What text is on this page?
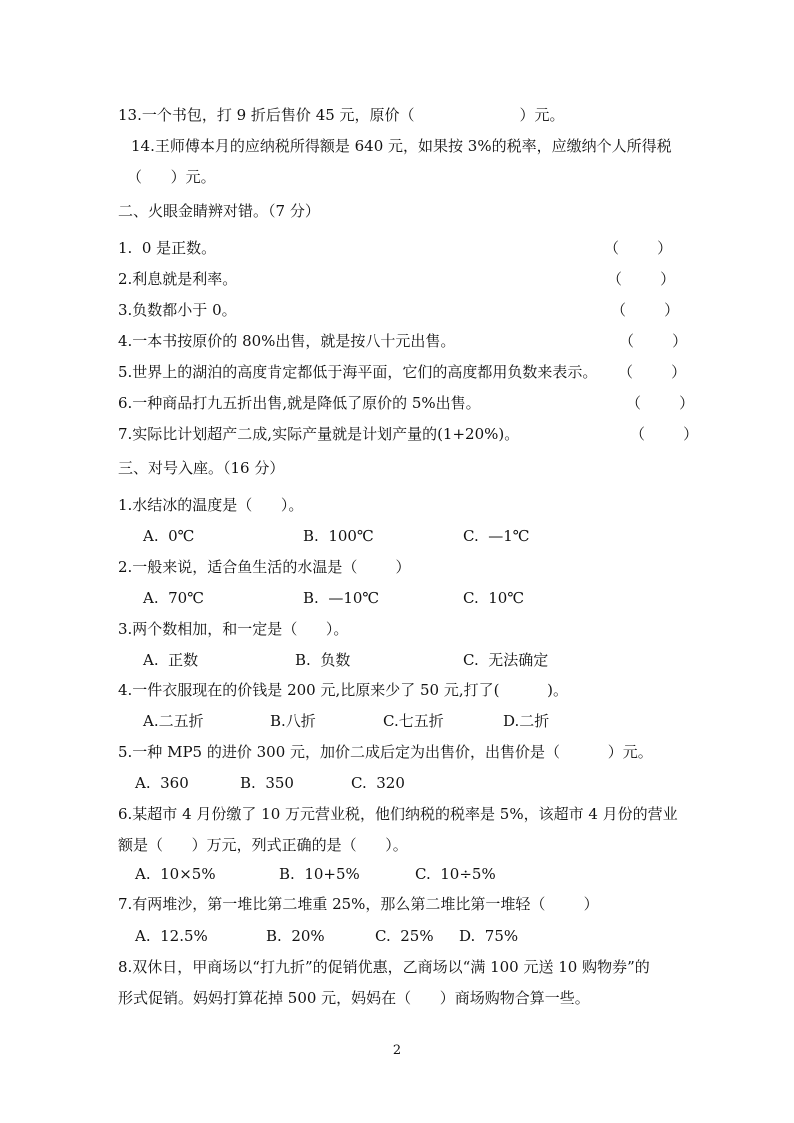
13.一个书包，打 9 折后售价 45 元，原价（                      ）元。
14.王师傅本月的应纳税所得额是 640 元，如果按 3%的税率，应缴纳个人所得税
（      ）元。
二、火眼金睛辨对错。（7 分）
1.  0 是正数。	（        ）
2.利息就是利率。	（        ）
3.负数都小于 0。	（        ）
4.一本书按原价的 80%出售，就是按八十元出售。	（        ）
5.世界上的湖泊的高度肯定都低于海平面，它们的高度都用负数来表示。 （        ）
6.一种商品打九五折出售,就是降低了原价的 5%出售。	（        ）
7.实际比计划超产二成,实际产量就是计划产量的(1+20%)。	（        ）
三、对号入座。（16 分）
1.水结冰的温度是（      ）。
A.  0℃	B.  100℃	C.  —1℃
2.一般来说，适合鱼生活的水温是（        ）
A.  70℃	B.  —10℃	C.  10℃
3.两个数相加，和一定是（      ）。
A.  正数	B.  负数	C.  无法确定
4.一件衣服现在的价钱是 200 元,比原来少了 50 元,打了(          )。
A.二五折	B.八折	C.七五折	D.二折
5.一种 MP5 的进价 300 元，加价二成后定为出售价，出售价是（          ）元。
A.  360	B.  350	C.  320
6.某超市 4 月份缴了 10 万元营业税，他们纳税的税率是 5%，该超市 4 月份的营业
额是（      ）万元，列式正确的是（      ）。
A.  10×5%	B.  10+5%	C.  10÷5%
7.有两堆沙，第一堆比第二堆重 25%，那么第二堆比第一堆轻（        ）
A.  12.5%	B.  20%	C.  25% D.  75%
8.双休日，甲商场以“打九折”的促销优惠，乙商场以“满 100 元送 10 购物券”的
形式促销。妈妈打算花掉 500 元，妈妈在（      ）商场购物合算一些。
2
